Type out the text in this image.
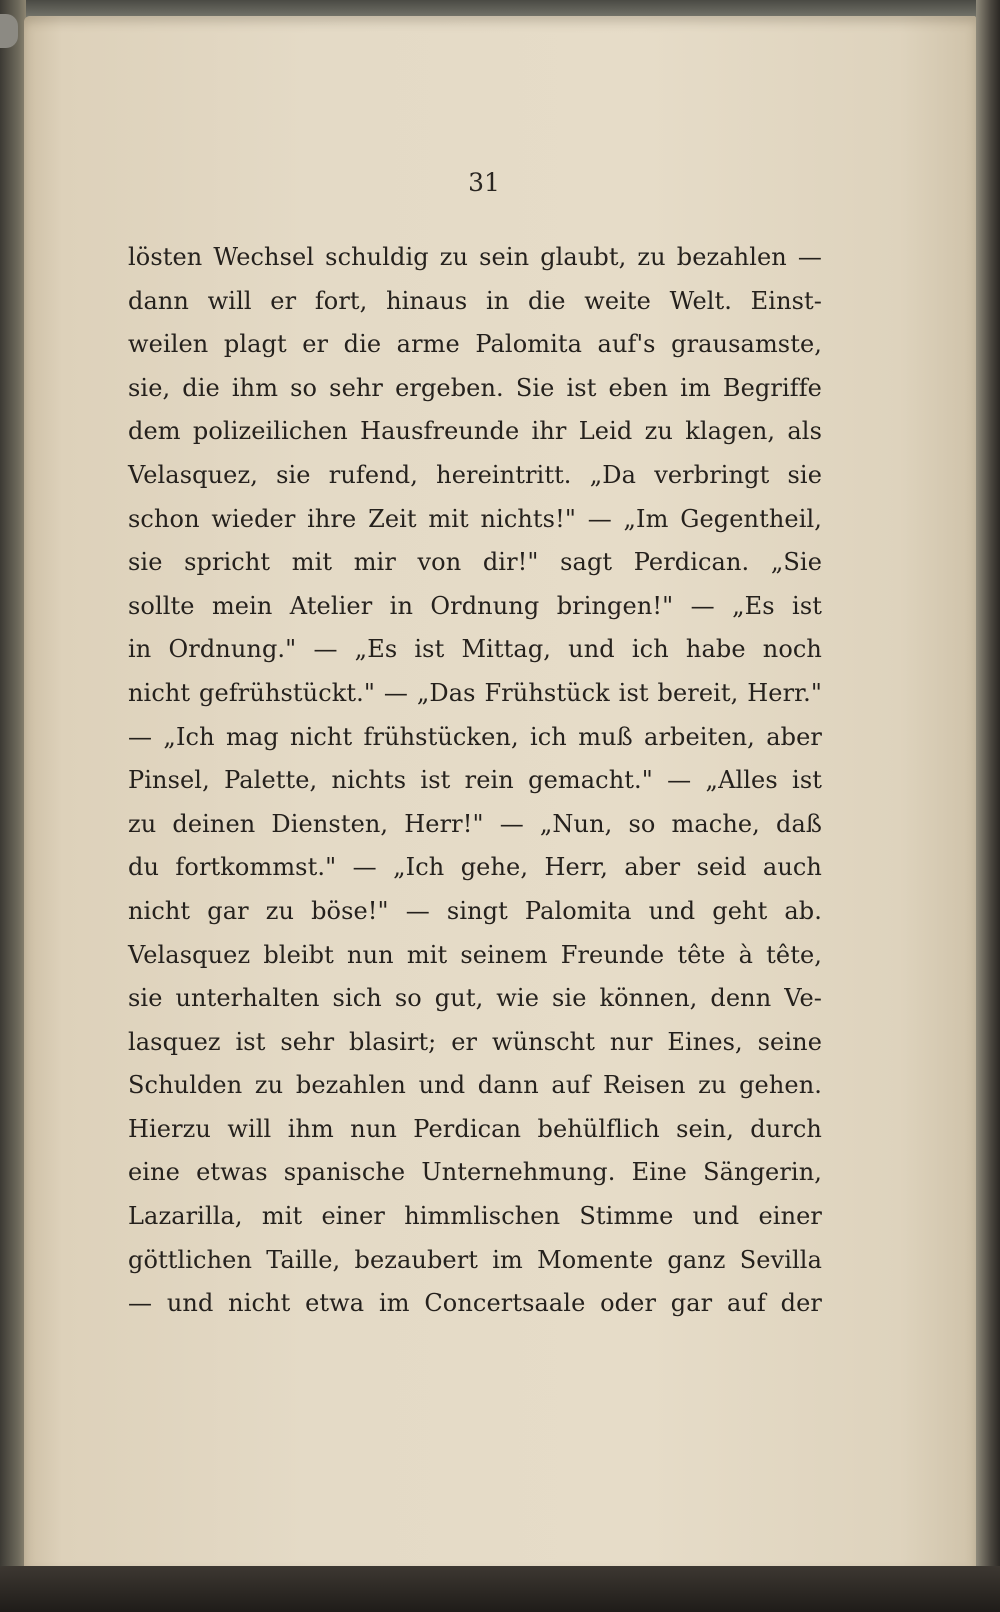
31
lösten Wechsel schuldig zu sein glaubt, zu bezahlen —
dann will er fort, hinaus in die weite Welt. Einst-
weilen plagt er die arme Palomita auf's grausamste,
sie, die ihm so sehr ergeben. Sie ist eben im Begriffe
dem polizeilichen Hausfreunde ihr Leid zu klagen, als
Velasquez, sie rufend, hereintritt. „Da verbringt sie
schon wieder ihre Zeit mit nichts!" — „Im Gegentheil,
sie spricht mit mir von dir!" sagt Perdican. „Sie
sollte mein Atelier in Ordnung bringen!" — „Es ist
in Ordnung." — „Es ist Mittag, und ich habe noch
nicht gefrühstückt." — „Das Frühstück ist bereit, Herr."
— „Ich mag nicht frühstücken, ich muß arbeiten, aber
Pinsel, Palette, nichts ist rein gemacht." — „Alles ist
zu deinen Diensten, Herr!" — „Nun, so mache, daß
du fortkommst." — „Ich gehe, Herr, aber seid auch
nicht gar zu böse!" — singt Palomita und geht ab.
Velasquez bleibt nun mit seinem Freunde tête à tête,
sie unterhalten sich so gut, wie sie können, denn Ve-
lasquez ist sehr blasirt; er wünscht nur Eines, seine
Schulden zu bezahlen und dann auf Reisen zu gehen.
Hierzu will ihm nun Perdican behülflich sein, durch
eine etwas spanische Unternehmung. Eine Sängerin,
Lazarilla, mit einer himmlischen Stimme und einer
göttlichen Taille, bezaubert im Momente ganz Sevilla
— und nicht etwa im Concertsaale oder gar auf der
